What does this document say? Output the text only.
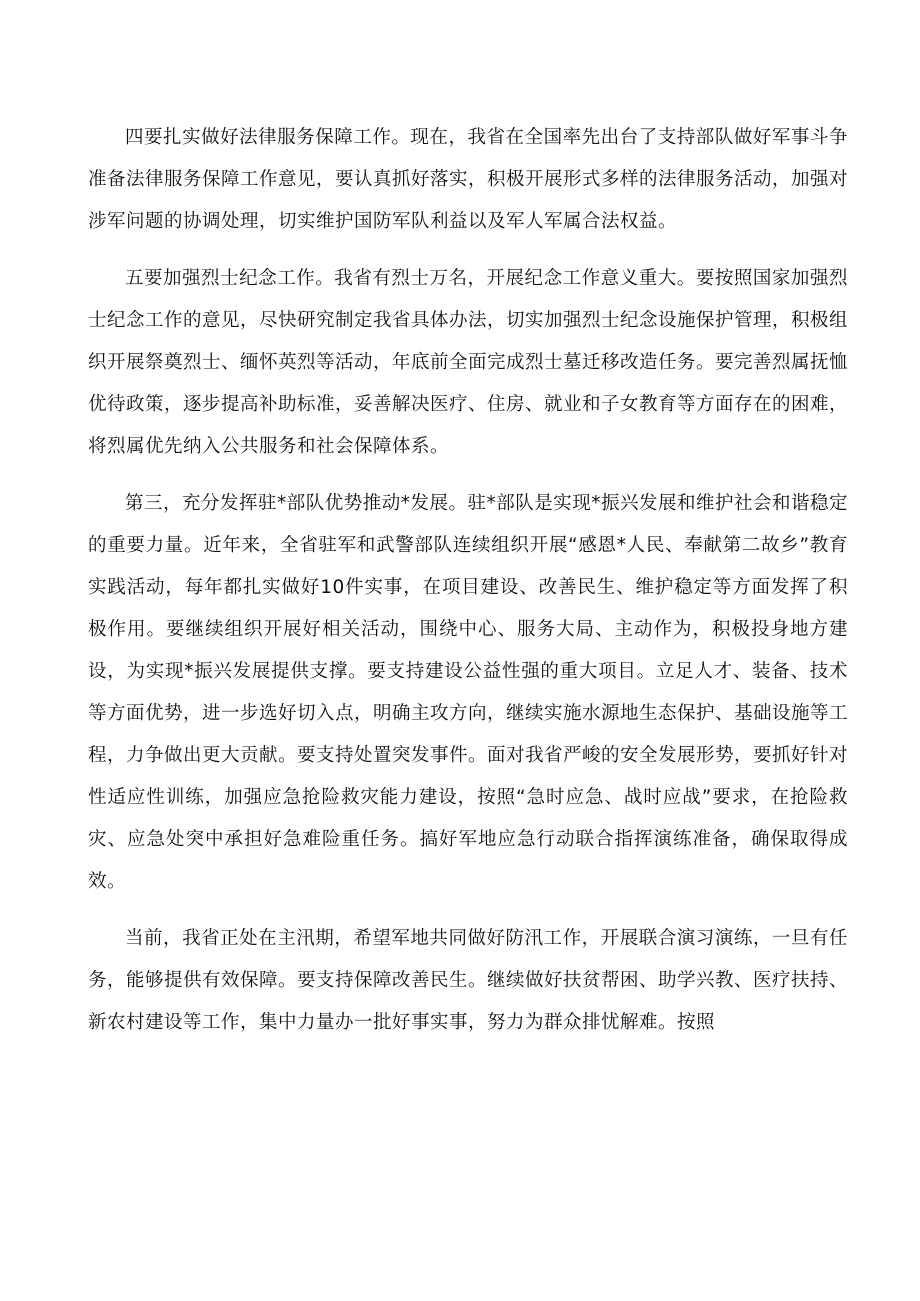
四要扎实做好法律服务保障工作。现在，我省在全国率先出台了支持部队做好军事斗争准备法律服务保障工作意见，要认真抓好落实，积极开展形式多样的法律服务活动，加强对涉军问题的协调处理，切实维护国防军队利益以及军人军属合法权益。

五要加强烈士纪念工作。我省有烈士万名，开展纪念工作意义重大。要按照国家加强烈士纪念工作的意见，尽快研究制定我省具体办法，切实加强烈士纪念设施保护管理，积极组织开展祭奠烈士、缅怀英烈等活动，年底前全面完成烈士墓迁移改造任务。要完善烈属抚恤优待政策，逐步提高补助标准，妥善解决医疗、住房、就业和子女教育等方面存在的困难，将烈属优先纳入公共服务和社会保障体系。

第三，充分发挥驻*部队优势推动*发展。驻*部队是实现*振兴发展和维护社会和谐稳定的重要力量。近年来，全省驻军和武警部队连续组织开展“感恩*人民、奉献第二故乡”教育实践活动，每年都扎实做好10件实事，在项目建设、改善民生、维护稳定等方面发挥了积极作用。要继续组织开展好相关活动，围绕中心、服务大局、主动作为，积极投身地方建设，为实现*振兴发展提供支撑。要支持建设公益性强的重大项目。立足人才、装备、技术等方面优势，进一步选好切入点，明确主攻方向，继续实施水源地生态保护、基础设施等工程，力争做出更大贡献。要支持处置突发事件。面对我省严峻的安全发展形势，要抓好针对性适应性训练，加强应急抢险救灾能力建设，按照“急时应急、战时应战”要求，在抢险救灾、应急处突中承担好急难险重任务。搞好军地应急行动联合指挥演练准备，确保取得成效。

当前，我省正处在主汛期，希望军地共同做好防汛工作，开展联合演习演练，一旦有任务，能够提供有效保障。要支持保障改善民生。继续做好扶贫帮困、助学兴教、医疗扶持、新农村建设等工作，集中力量办一批好事实事，努力为群众排忧解难。按照
